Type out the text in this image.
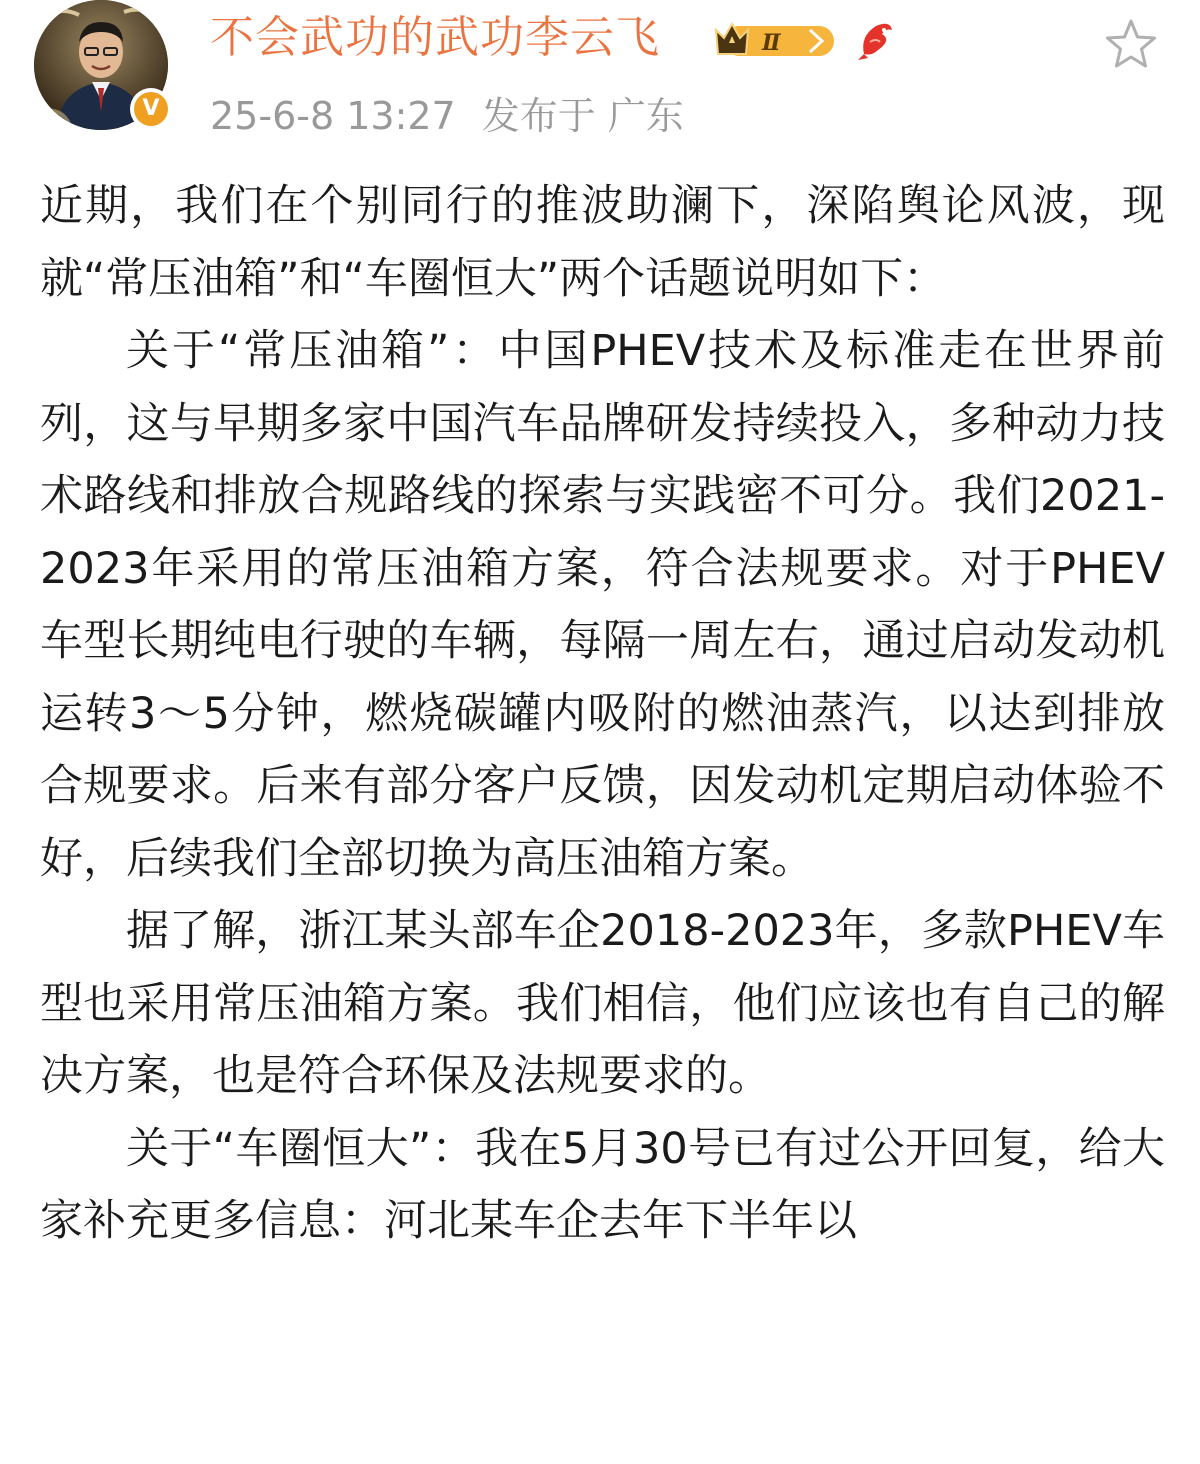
V
不会武功的武功李云飞	Ⅱ
25-6-8 13:27 发布于 广东

近期，我们在个别同行的推波助澜下，深陷舆论风波，现就“常压油箱”和“车圈恒大”两个话题说明如下：

关于“常压油箱”：中国PHEV技术及标准走在世界前列，这与早期多家中国汽车品牌研发持续投入，多种动力技术路线和排放合规路线的探索与实践密不可分。我们2021-2023年采用的常压油箱方案，符合法规要求。对于PHEV车型长期纯电行驶的车辆，每隔一周左右，通过启动发动机运转3～5分钟，燃烧碳罐内吸附的燃油蒸汽，以达到排放合规要求。后来有部分客户反馈，因发动机定期启动体验不好，后续我们全部切换为高压油箱方案。

据了解，浙江某头部车企2018-2023年，多款PHEV车型也采用常压油箱方案。我们相信，他们应该也有自己的解决方案，也是符合环保及法规要求的。

关于“车圈恒大”：我在5月30号已有过公开回复，给大家补充更多信息：河北某车企去年下半年以
